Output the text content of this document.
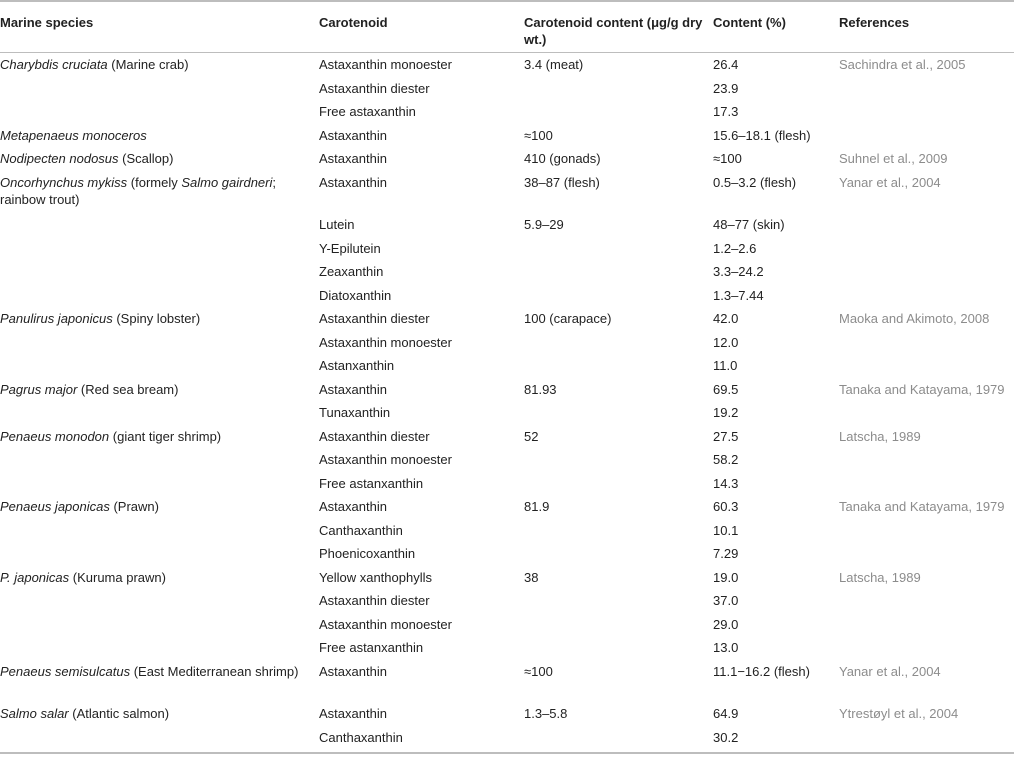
Marine species	Carotenoid	Carotenoid content (μg/g dry wt.)	Content (%)	References

Charybdis cruciata (Marine crab)	Astaxanthin monoester	3.4 (meat)	26.4	Sachindra et al., 2005

	Astaxanthin diester		23.9	

	Free astaxanthin		17.3	

Metapenaeus monoceros	Astaxanthin	≈100	15.6–18.1 (flesh)	

Nodipecten nodosus (Scallop)	Astaxanthin	410 (gonads)	≈100	Suhnel et al., 2009

Oncorhynchus mykiss (formely Salmo gairdneri; rainbow trout)	Astaxanthin	38–87 (flesh)	0.5–3.2 (flesh)	Yanar et al., 2004

	Lutein	5.9–29	48–77 (skin)	

	Y-Epilutein		1.2–2.6	

	Zeaxanthin		3.3–24.2	

	Diatoxanthin		1.3–7.44	

Panulirus japonicus (Spiny lobster)	Astaxanthin diester	100 (carapace)	42.0	Maoka and Akimoto, 2008

	Astaxanthin monoester		12.0	

	Astanxanthin		11.0	

Pagrus major (Red sea bream)	Astaxanthin	81.93	69.5	Tanaka and Katayama, 1979

	Tunaxanthin		19.2	

Penaeus monodon (giant tiger shrimp)	Astaxanthin diester	52	27.5	Latscha, 1989

	Astaxanthin monoester		58.2	

	Free astanxanthin		14.3	

Penaeus japonicas (Prawn)	Astaxanthin	81.9	60.3	Tanaka and Katayama, 1979

	Canthaxanthin		10.1	

	Phoenicoxanthin		7.29	

P. japonicas (Kuruma prawn)	Yellow xanthophylls	38	19.0	Latscha, 1989

	Astaxanthin diester		37.0	

	Astaxanthin monoester		29.0	

	Free astanxanthin		13.0	

Penaeus semisulcatus (East Mediterranean shrimp)	Astaxanthin	≈100	11.1−16.2 (flesh)	Yanar et al., 2004

Salmo salar (Atlantic salmon)	Astaxanthin	1.3–5.8	64.9	Ytrestøyl et al., 2004

	Canthaxanthin		30.2	
